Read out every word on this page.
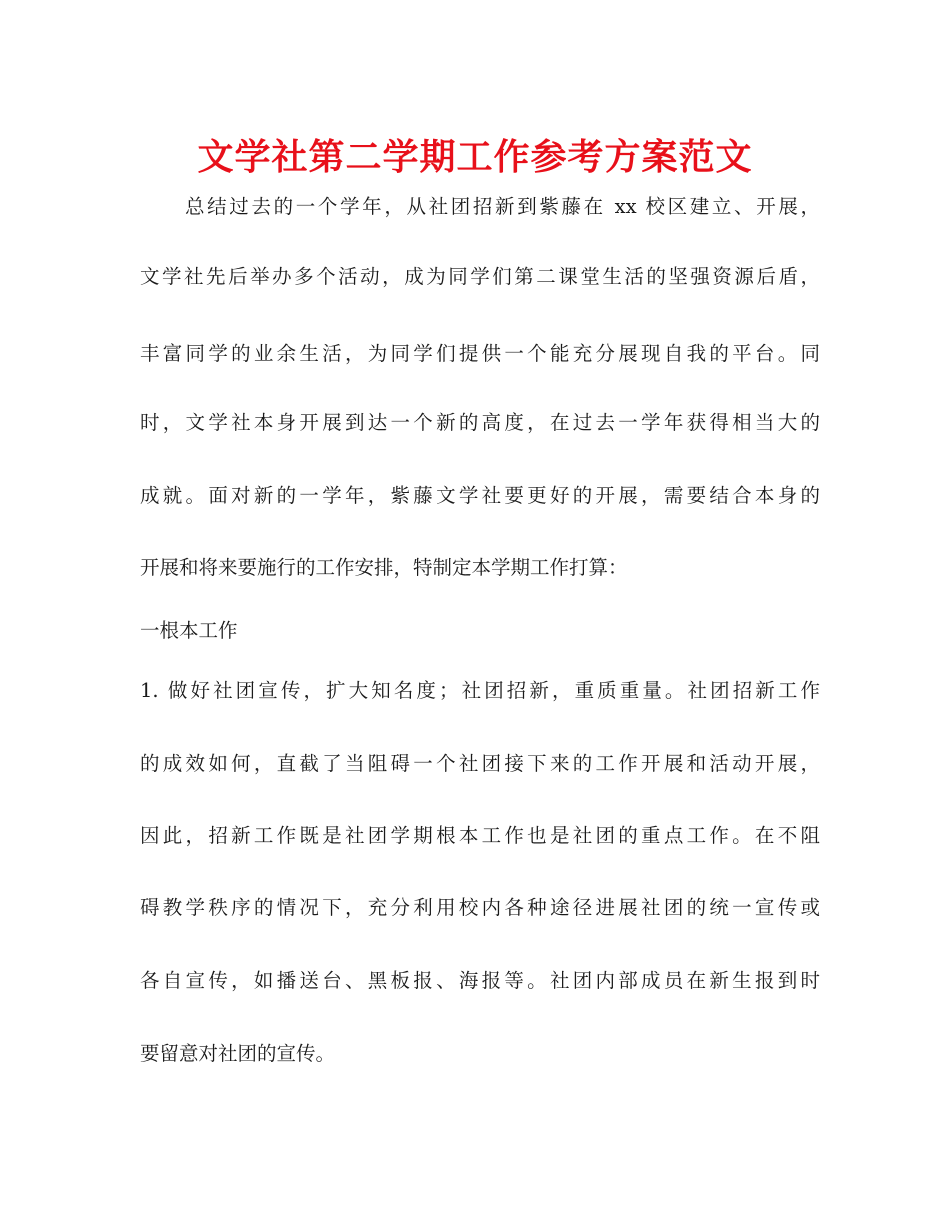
文学社第二学期工作参考方案范文
总结过去的一个学年，从社团招新到紫藤在 xx 校区建立、开展，
文学社先后举办多个活动，成为同学们第二课堂生活的坚强资源后盾，
丰富同学的业余生活，为同学们提供一个能充分展现自我的平台。同
时，文学社本身开展到达一个新的高度，在过去一学年获得相当大的
成就。面对新的一学年，紫藤文学社要更好的开展，需要结合本身的
开展和将来要施行的工作安排，特制定本学期工作打算：
一根本工作
1. 做好社团宣传，扩大知名度；社团招新，重质重量。社团招新工作
的成效如何，直截了当阻碍一个社团接下来的工作开展和活动开展，
因此，招新工作既是社团学期根本工作也是社团的重点工作。在不阻
碍教学秩序的情况下，充分利用校内各种途径进展社团的统一宣传或
各自宣传，如播送台、黑板报、海报等。社团内部成员在新生报到时
要留意对社团的宣传。
